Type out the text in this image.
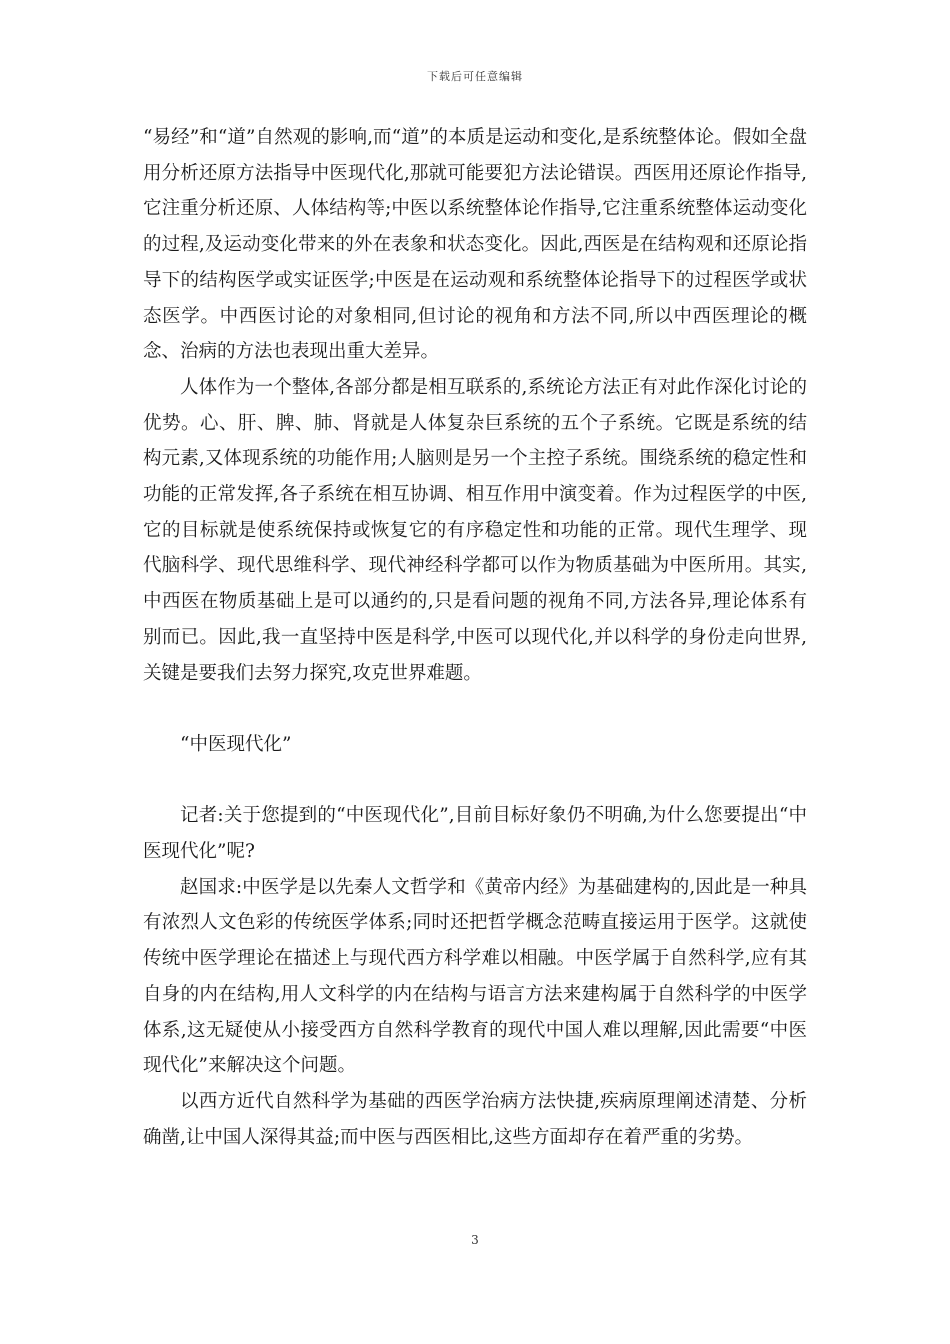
下载后可任意编辑

“易经”和“道”自然观的影响,而“道”的本质是运动和变化,是系统整体论。假如全盘用分析还原方法指导中医现代化,那就可能要犯方法论错误。西医用还原论作指导,它注重分析还原、人体结构等;中医以系统整体论作指导,它注重系统整体运动变化的过程,及运动变化带来的外在表象和状态变化。因此,西医是在结构观和还原论指导下的结构医学或实证医学;中医是在运动观和系统整体论指导下的过程医学或状态医学。中西医讨论的对象相同,但讨论的视角和方法不同,所以中西医理论的概念、治病的方法也表现出重大差异。

人体作为一个整体,各部分都是相互联系的,系统论方法正有对此作深化讨论的优势。心、肝、脾、肺、肾就是人体复杂巨系统的五个子系统。它既是系统的结构元素,又体现系统的功能作用;人脑则是另一个主控子系统。围绕系统的稳定性和功能的正常发挥,各子系统在相互协调、相互作用中演变着。作为过程医学的中医,它的目标就是使系统保持或恢复它的有序稳定性和功能的正常。现代生理学、现代脑科学、现代思维科学、现代神经科学都可以作为物质基础为中医所用。其实,中西医在物质基础上是可以通约的,只是看问题的视角不同,方法各异,理论体系有别而已。因此,我一直坚持中医是科学,中医可以现代化,并以科学的身份走向世界,关键是要我们去努力探究,攻克世界难题。

“中医现代化”

记者:关于您提到的“中医现代化”,目前目标好象仍不明确,为什么您要提出“中医现代化”呢?

赵国求:中医学是以先秦人文哲学和《黄帝内经》为基础建构的,因此是一种具有浓烈人文色彩的传统医学体系;同时还把哲学概念范畴直接运用于医学。这就使传统中医学理论在描述上与现代西方科学难以相融。中医学属于自然科学,应有其自身的内在结构,用人文科学的内在结构与语言方法来建构属于自然科学的中医学体系,这无疑使从小接受西方自然科学教育的现代中国人难以理解,因此需要“中医现代化”来解决这个问题。

以西方近代自然科学为基础的西医学治病方法快捷,疾病原理阐述清楚、分析确凿,让中国人深得其益;而中医与西医相比,这些方面却存在着严重的劣势。

3
